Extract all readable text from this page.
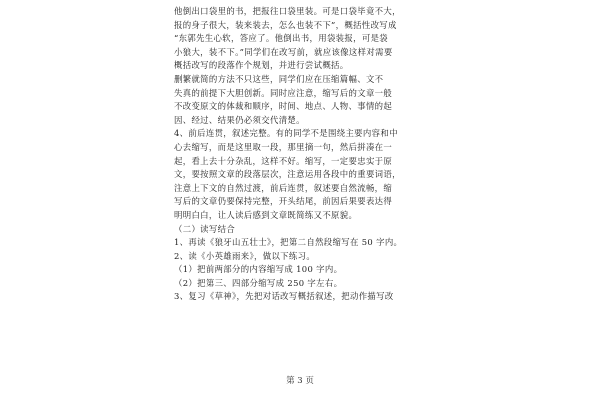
他倒出口袋里的书，把报往口袋里装。可是口袋毕竟不大，
报的身子很大，装来装去，怎么也装不下”，概括性改写成
“东郭先生心软，答应了。他倒出书，用袋装报，可是袋
小狼大，装不下。”同学们在改写前，就应该像这样对需要
概括改写的段落作个规划，并进行尝试概括。
删繁就简的方法不只这些，同学们应在压缩篇幅、文不
失真的前提下大胆创新。同时应注意，缩写后的文章一般
不改变原文的体裁和顺序，时间、地点、人物、事情的起
因、经过、结果仍必须交代清楚。
4、前后连贯，叙述完整。有的同学不是围绕主要内容和中
心去缩写，而是这里取一段，那里摘一句，然后拼凑在一
起，看上去十分杂乱，这样不好。缩写，一定要忠实于原
文，要按照文章的段落层次，注意运用各段中的重要词语，
注意上下文的自然过渡，前后连贯，叙述要自然流畅，缩
写后的文章仍要保持完整，开头结尾，前因后果要表达得
明明白白，让人读后感到文章既简练又不原貌。
（二）读写结合
1、再读《狼牙山五壮士》，把第二自然段缩写在 50 字内。
2、读《小英雄雨来》，做以下练习。
（1）把前两部分的内容缩写成 100 字内。
（2）把第三、四部分缩写成 250 字左右。
3、复习《草神》，先把对话改写概括叙述，把动作描写改
第 3 页
